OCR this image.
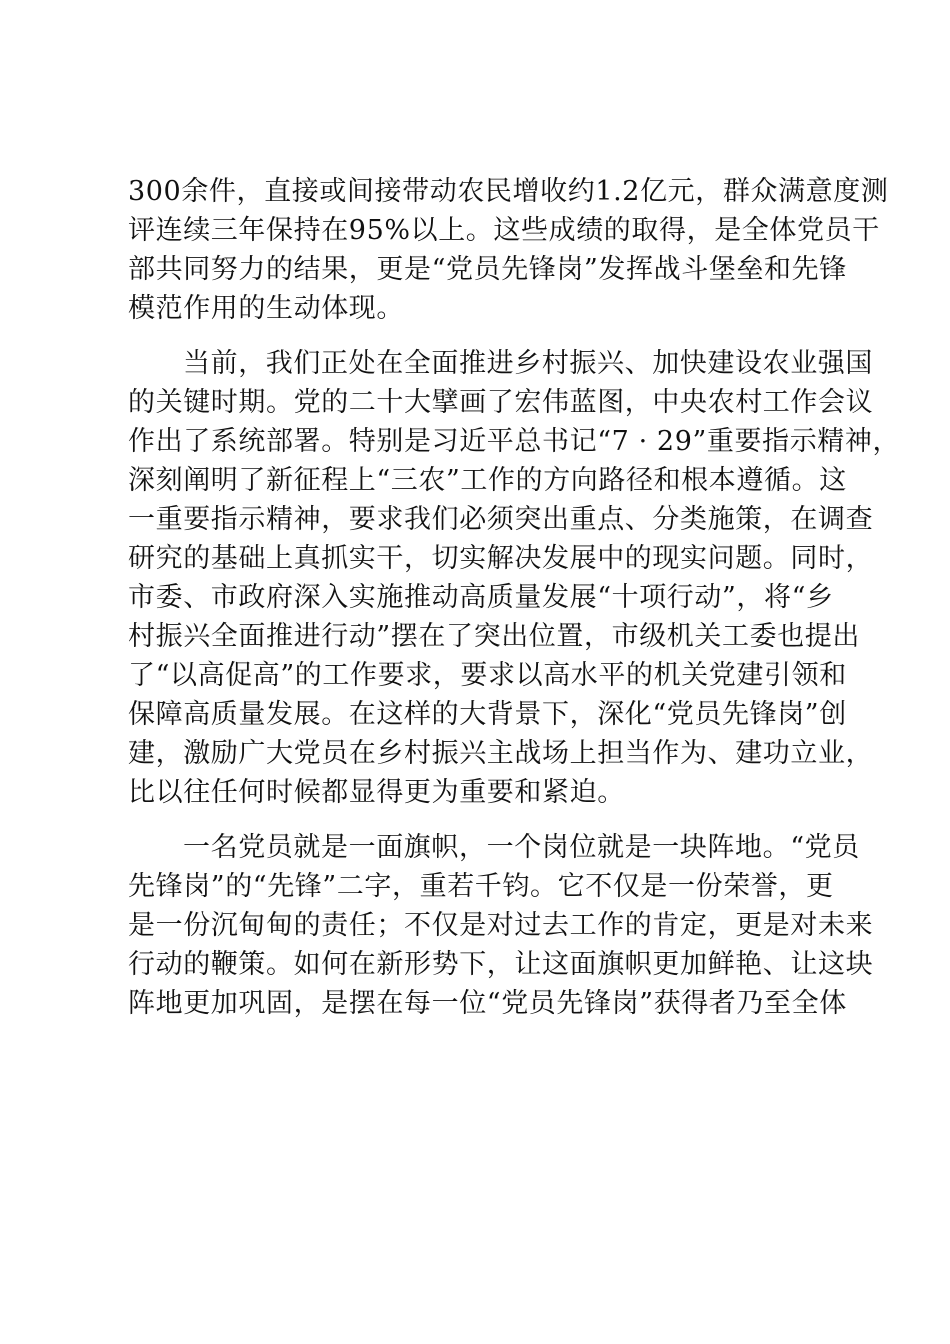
300余件，直接或间接带动农民增收约1.2亿元，群众满意度测
评连续三年保持在95%以上。这些成绩的取得，是全体党员干
部共同努力的结果，更是“党员先锋岗”发挥战斗堡垒和先锋
模范作用的生动体现。
当前，我们正处在全面推进乡村振兴、加快建设农业强国
的关键时期。党的二十大擘画了宏伟蓝图，中央农村工作会议
作出了系统部署。特别是习近平总书记“7 · 29”重要指示精神，
深刻阐明了新征程上“三农”工作的方向路径和根本遵循。这
一重要指示精神，要求我们必须突出重点、分类施策，在调查
研究的基础上真抓实干，切实解决发展中的现实问题。同时，
市委、市政府深入实施推动高质量发展“十项行动”，将“乡
村振兴全面推进行动”摆在了突出位置，市级机关工委也提出
了“以高促高”的工作要求，要求以高水平的机关党建引领和
保障高质量发展。在这样的大背景下，深化“党员先锋岗”创
建，激励广大党员在乡村振兴主战场上担当作为、建功立业，
比以往任何时候都显得更为重要和紧迫。
一名党员就是一面旗帜，一个岗位就是一块阵地。“党员
先锋岗”的“先锋”二字，重若千钧。它不仅是一份荣誉，更
是一份沉甸甸的责任；不仅是对过去工作的肯定，更是对未来
行动的鞭策。如何在新形势下，让这面旗帜更加鲜艳、让这块
阵地更加巩固，是摆在每一位“党员先锋岗”获得者乃至全体
